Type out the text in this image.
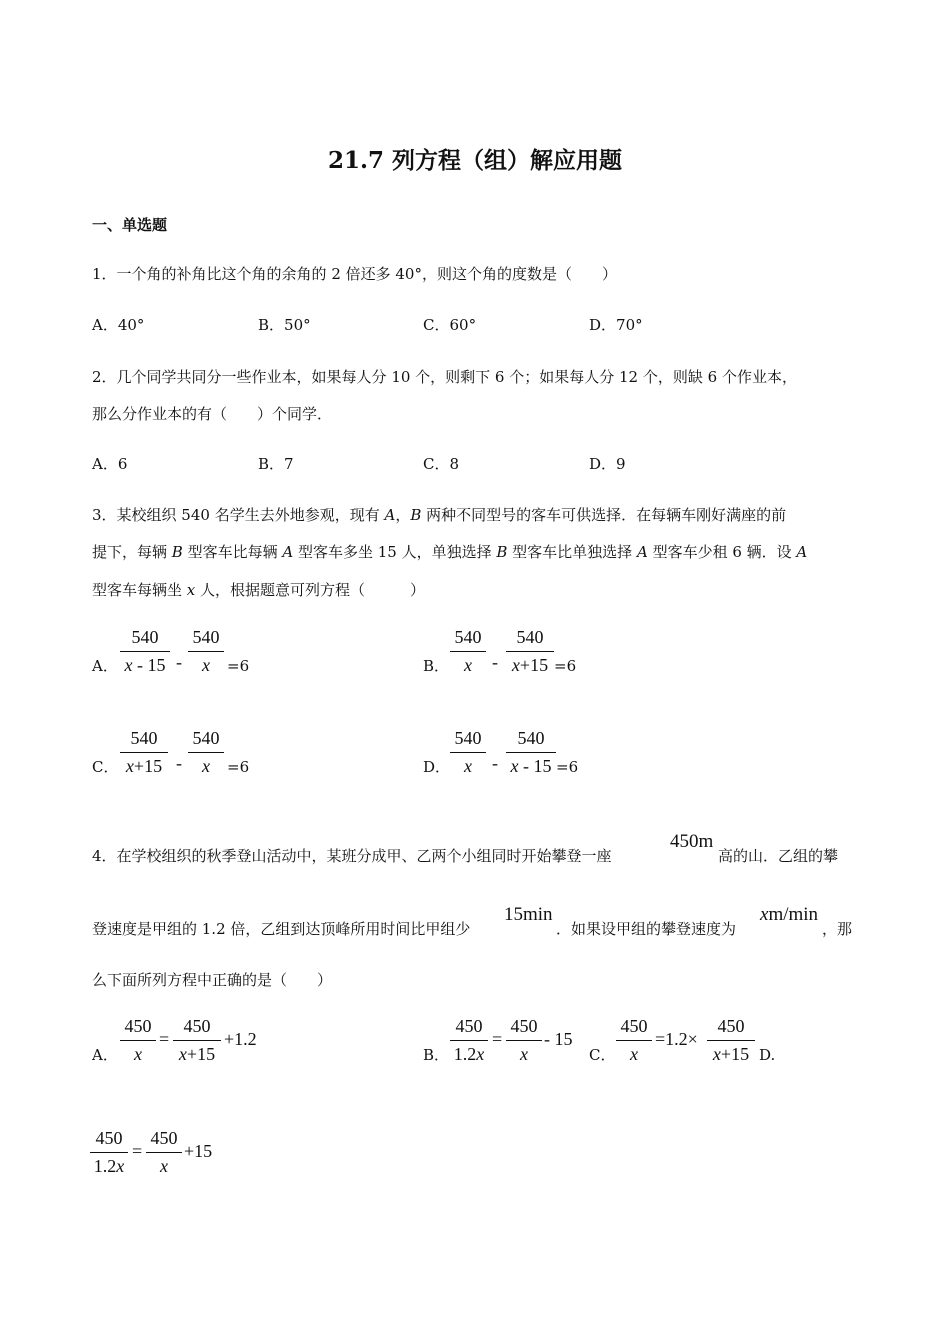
21.7 列方程（组）解应用题
一、单选题
1．一个角的补角比这个角的余角的 2 倍还多 40°，则这个角的度数是（　　）
A．40°	B．50°	C．60°	D．70°
2．几个同学共同分一些作业本，如果每人分 10 个，则剩下 6 个；如果每人分 12 个，则缺 6 个作业本，
那么分作业本的有（　　）个同学．
A．6	B．7	C．8	D．9
3．某校组织 540 名学生去外地参观，现有 A，B 两种不同型号的客车可供选择．在每辆车刚好满座的前
提下，每辆 B 型客车比每辆 A 型客车多坐 15 人，单独选择 B 型客车比单独选择 A 型客车少租 6 辆．设 A
型客车每辆坐 x 人，根据题意可列方程（　　　）
A． $\frac{540}{x - 15} - \frac{540}{x} =6$	B． $\frac{540}{x} - \frac{540}{x+15} =6$
C． $\frac{540}{x+15} - \frac{540}{x} =6$	D． $\frac{540}{x} - \frac{540}{x - 15} =6$
4．在学校组织的秋季登山活动中，某班分成甲、乙两个小组同时开始攀登一座
450m
高的山．乙组的攀
登速度是甲组的 1.2 倍，乙组到达顶峰所用时间比甲组少
15min
．如果设甲组的攀登速度为
xm/min
，那
么下面所列方程中正确的是（　　）
A． $\frac{450}{x} = \frac{450}{x+15} +1.2$
B． $\frac{450}{1.2x} = \frac{450}{x} - 15$
C． $\frac{450}{x} =1.2\times \frac{450}{x+15} D$.
$\frac{450}{1.2x} = \frac{450}{x} +15$
